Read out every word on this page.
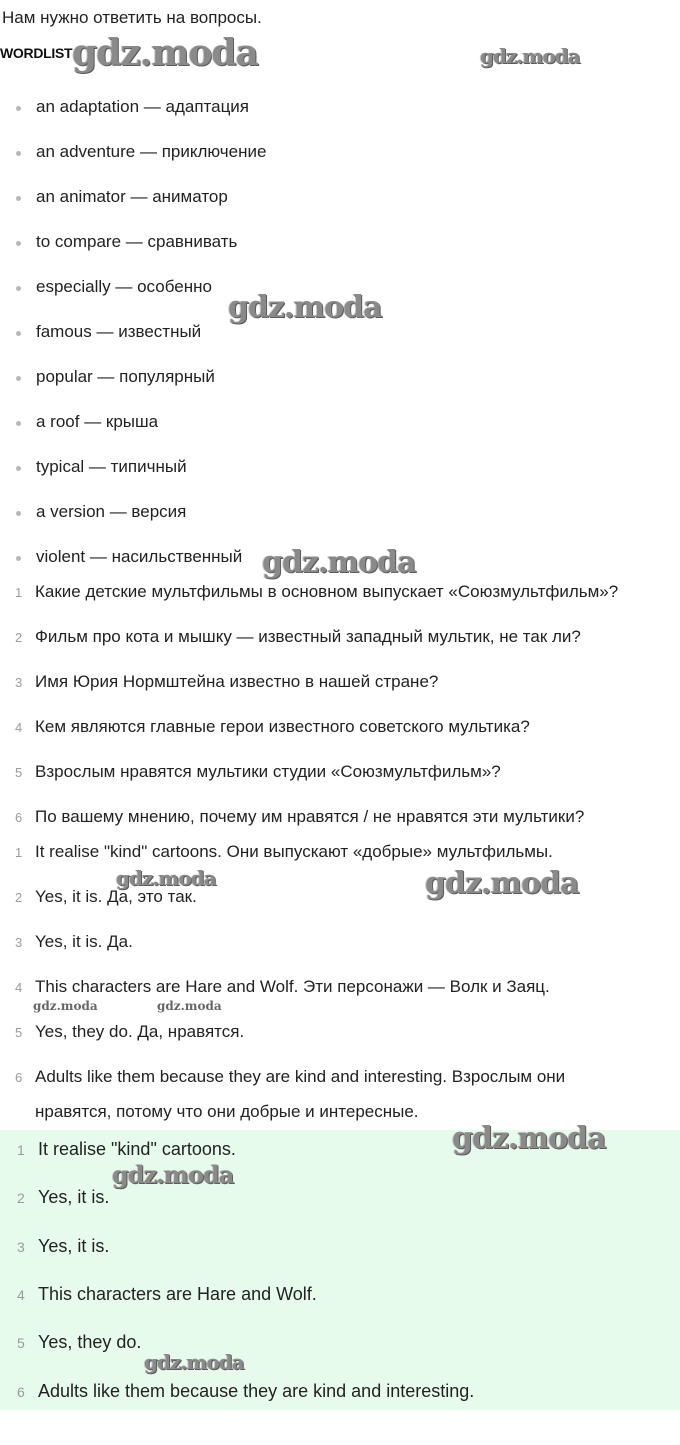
Нам нужно ответить на вопросы.
WORDLIST
an adaptation — адаптация
an adventure — приключение
an animator — аниматор
to compare — сравнивать
especially — особенно
famous — известный
popular — популярный
a roof — крыша
typical — типичный
a version — версия
violent — насильственный
1 Какие детские мультфильмы в основном выпускает «Союзмультфильм»?
2 Фильм про кота и мышку — известный западный мультик, не так ли?
3 Имя Юрия Нормштейна известно в нашей стране?
4 Кем являются главные герои известного советского мультика?
5 Взрослым нравятся мультики студии «Союзмультфильм»?
6 По вашему мнению, почему им нравятся / не нравятся эти мультики?
1 It realise "kind" cartoons. Они выпускают «добрые» мультфильмы.
2 Yes, it is. Да, это так.
3 Yes, it is. Да.
4 This characters are Hare and Wolf. Эти персонажи — Волк и Заяц.
5 Yes, they do. Да, нравятся.
6 Adults like them because they are kind and interesting. Взрослым они
нравятся, потому что они добрые и интересные.
1 It realise "kind" cartoons.
2 Yes, it is.
3 Yes, it is.
4 This characters are Hare and Wolf.
5 Yes, they do.
6 Adults like them because they are kind and interesting.
gdz.moda	gdz.moda
gdz.moda
gdz.moda
gdz.moda
gdz.moda
gdz.moda	gdz.moda
gdz.moda
gdz.moda
gdz.moda
